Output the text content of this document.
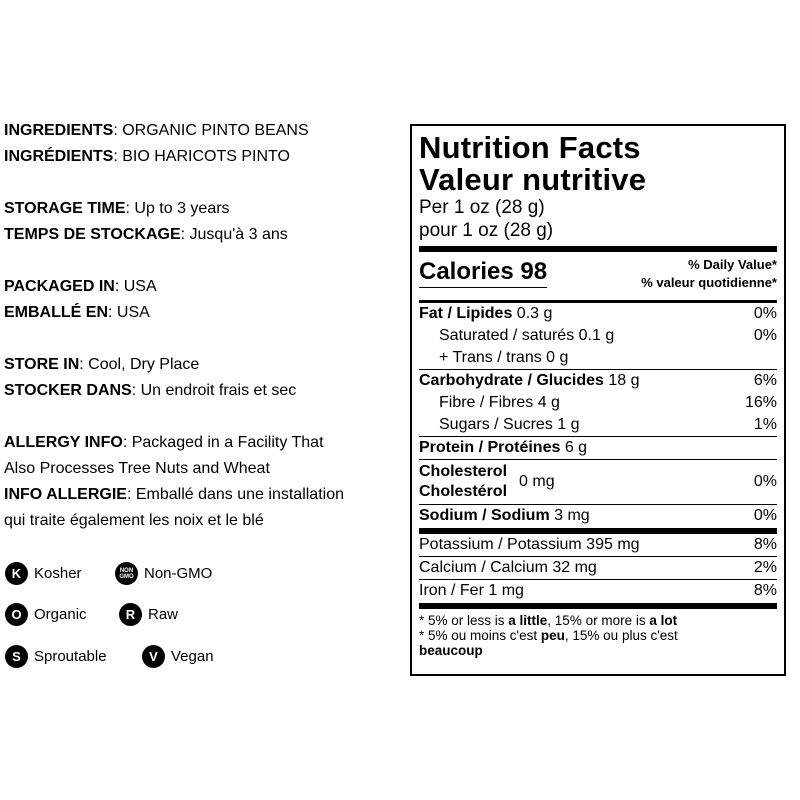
INGREDIENTS: ORGANIC PINTO BEANS
INGRÉDIENTS: BIO HARICOTS PINTO

STORAGE TIME: Up to 3 years
TEMPS DE STOCKAGE: Jusqu'à 3 ans

PACKAGED IN: USA
EMBALLÉ EN: USA

STORE IN: Cool, Dry Place
STOCKER DANS: Un endroit frais et sec

ALLERGY INFO: Packaged in a Facility That
Also Processes Tree Nuts and Wheat
INFO ALLERGIE: Emballé dans une installation
qui traite également les noix et le blé

K Kosher	NON
GMO Non-GMO
O Organic	R Raw
S Sproutable	V Vegan
Nutrition Facts
Valeur nutritive
Per 1 oz (28 g)
pour 1 oz (28 g)
Calories 98	% Daily Value*
% valeur quotidienne*
Fat / Lipides 0.3 g	0%
Saturated / saturés 0.1 g	0%
+ Trans / trans 0 g
Carbohydrate / Glucides 18 g	6%
Fibre / Fibres 4 g	16%
Sugars / Sucres 1 g	1%
Protein / Protéines 6 g
Cholesterol
Cholestérol
0 mg	0%
Sodium / Sodium 3 mg	0%
Potassium / Potassium 395 mg	8%
Calcium / Calcium 32 mg	2%
Iron / Fer 1 mg	8%
* 5% or less is a little, 15% or more is a lot
* 5% ou moins c'est peu, 15% ou plus c'est
beaucoup
